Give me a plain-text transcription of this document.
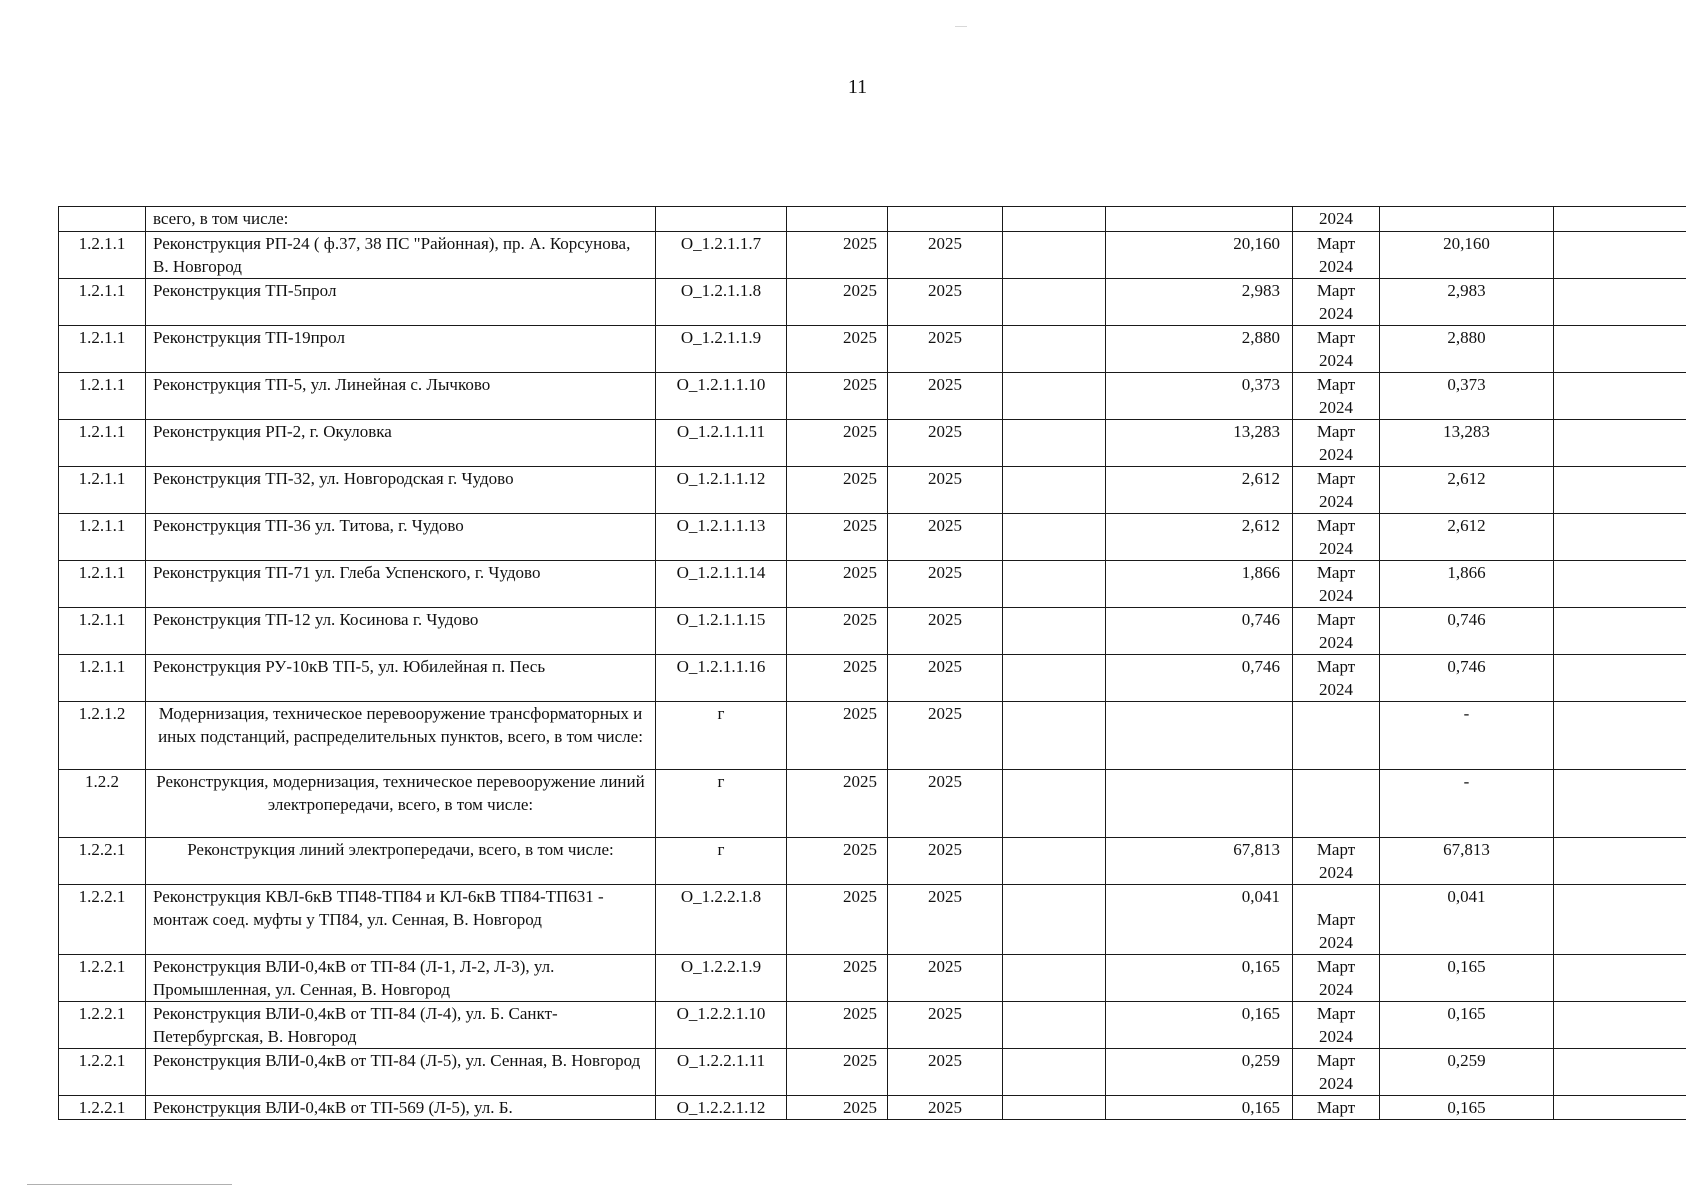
11
	всего, в том числе:						2024			
1.2.1.1	Реконструкция РП-24 ( ф.37, 38 ПС "Районная), пр. А. Корсунова, В. Новгород	О_1.2.1.1.7	2025	2025		20,160	Март 2024	20,160		
1.2.1.1	Реконструкция ТП-5прол	О_1.2.1.1.8	2025	2025		2,983	Март 2024	2,983		
1.2.1.1	Реконструкция ТП-19прол	О_1.2.1.1.9	2025	2025		2,880	Март 2024	2,880		
1.2.1.1	Реконструкция ТП-5, ул. Линейная с. Лычково	О_1.2.1.1.10	2025	2025		0,373	Март 2024	0,373		
1.2.1.1	Реконструкция РП-2, г. Окуловка	О_1.2.1.1.11	2025	2025		13,283	Март 2024	13,283		
1.2.1.1	Реконструкция ТП-32, ул. Новгородская г. Чудово	О_1.2.1.1.12	2025	2025		2,612	Март 2024	2,612		
1.2.1.1	Реконструкция ТП-36 ул. Титова, г. Чудово	О_1.2.1.1.13	2025	2025		2,612	Март 2024	2,612		
1.2.1.1	Реконструкция ТП-71 ул. Глеба Успенского, г. Чудово	О_1.2.1.1.14	2025	2025		1,866	Март 2024	1,866		
1.2.1.1	Реконструкция ТП-12 ул. Косинова г. Чудово	О_1.2.1.1.15	2025	2025		0,746	Март 2024	0,746		
1.2.1.1	Реконструкция РУ-10кВ ТП-5, ул. Юбилейная п. Песь	О_1.2.1.1.16	2025	2025		0,746	Март 2024	0,746		
1.2.1.2	Модернизация, техническое перевооружение трансформаторных и иных подстанций, распределительных пунктов, всего, в том числе:	г	2025	2025				-		
1.2.2	Реконструкция, модернизация, техническое перевооружение линий электропередачи, всего, в том числе:	г	2025	2025				-		
1.2.2.1	Реконструкция линий электропередачи, всего, в том числе:	г	2025	2025		67,813	Март 2024	67,813		
1.2.2.1	Реконструкция КВЛ-6кВ ТП48-ТП84 и КЛ-6кВ ТП84-ТП631 - монтаж соед. муфты у ТП84, ул. Сенная, В. Новгород	О_1.2.2.1.8	2025	2025		0,041	Март 2024	0,041		
1.2.2.1	Реконструкция ВЛИ-0,4кВ от ТП-84 (Л-1, Л-2, Л-3), ул. Промышленная, ул. Сенная, В. Новгород	О_1.2.2.1.9	2025	2025		0,165	Март 2024	0,165		
1.2.2.1	Реконструкция ВЛИ-0,4кВ от ТП-84 (Л-4), ул. Б. Санкт-Петербургская, В. Новгород	О_1.2.2.1.10	2025	2025		0,165	Март 2024	0,165		
1.2.2.1	Реконструкция ВЛИ-0,4кВ от ТП-84 (Л-5), ул. Сенная, В. Новгород	О_1.2.2.1.11	2025	2025		0,259	Март 2024	0,259		
1.2.2.1	Реконструкция ВЛИ-0,4кВ от ТП-569 (Л-5), ул. Б.	О_1.2.2.1.12	2025	2025		0,165	Март	0,165		
